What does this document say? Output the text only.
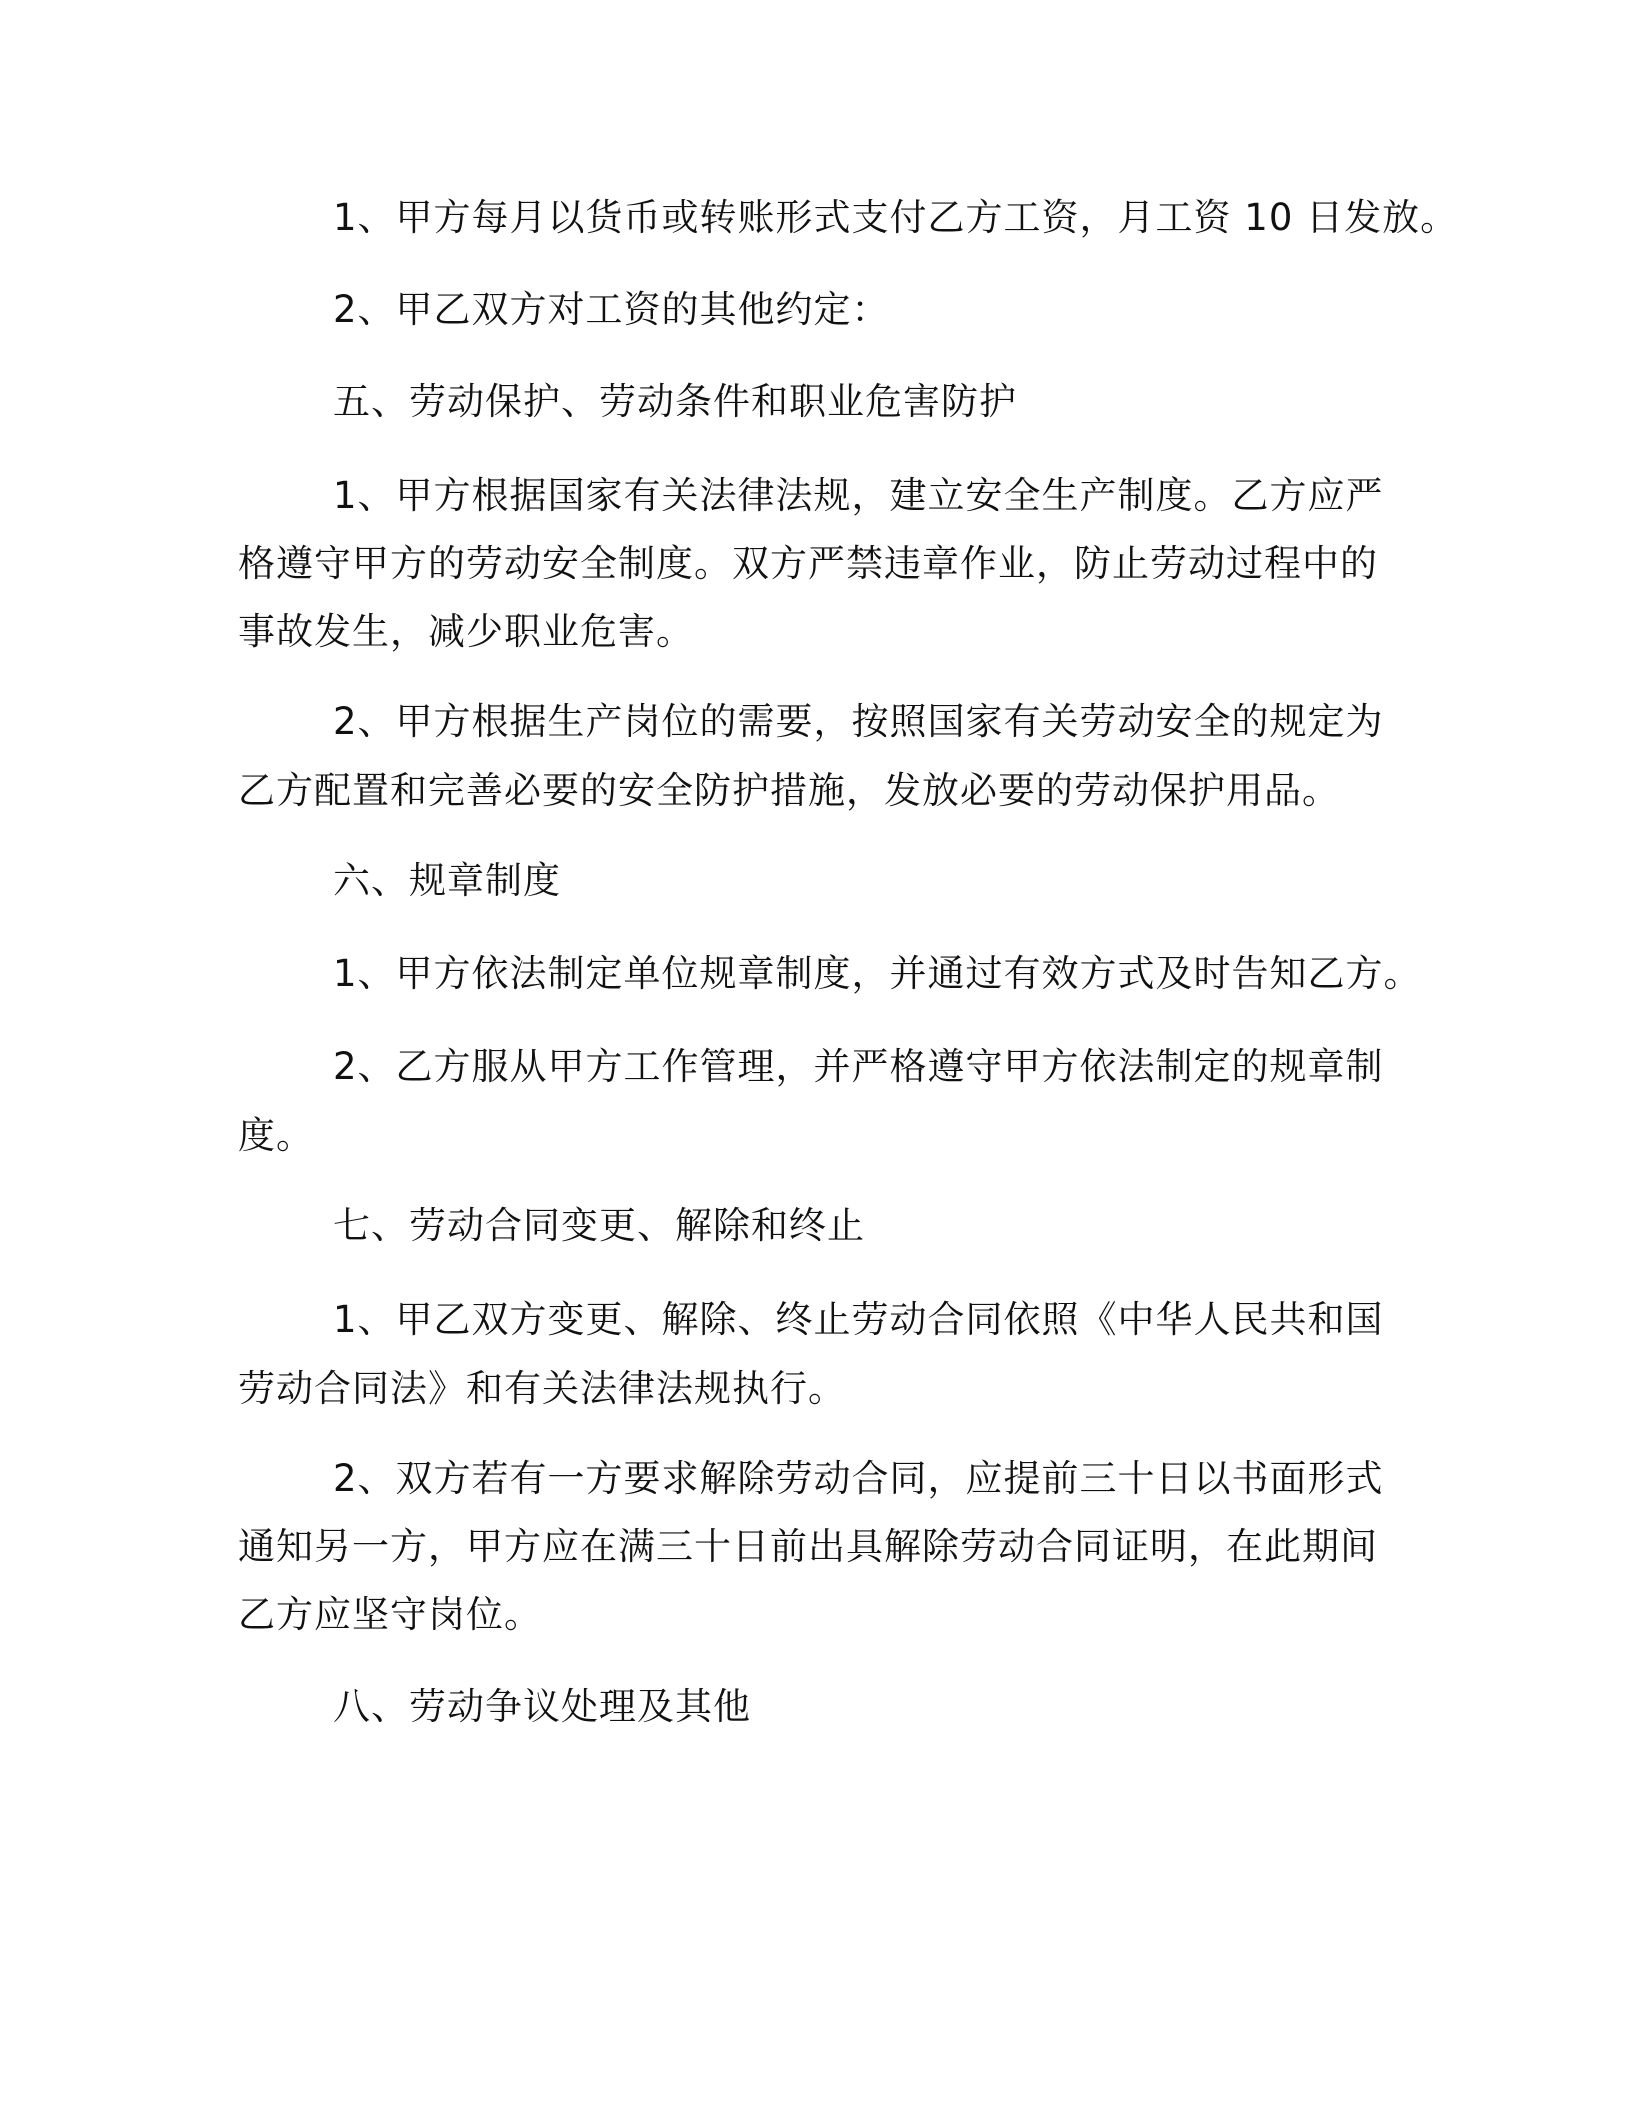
1、甲方每月以货币或转账形式支付乙方工资，月工资 10 日发放。
2、甲乙双方对工资的其他约定：
五、劳动保护、劳动条件和职业危害防护
1、甲方根据国家有关法律法规，建立安全生产制度。乙方应严
格遵守甲方的劳动安全制度。双方严禁违章作业，防止劳动过程中的
事故发生，减少职业危害。
2、甲方根据生产岗位的需要，按照国家有关劳动安全的规定为
乙方配置和完善必要的安全防护措施，发放必要的劳动保护用品。
六、规章制度
1、甲方依法制定单位规章制度，并通过有效方式及时告知乙方。
2、乙方服从甲方工作管理，并严格遵守甲方依法制定的规章制
度。
七、劳动合同变更、解除和终止
1、甲乙双方变更、解除、终止劳动合同依照《中华人民共和国
劳动合同法》和有关法律法规执行。
2、双方若有一方要求解除劳动合同，应提前三十日以书面形式
通知另一方，甲方应在满三十日前出具解除劳动合同证明，在此期间
乙方应坚守岗位。
八、劳动争议处理及其他
